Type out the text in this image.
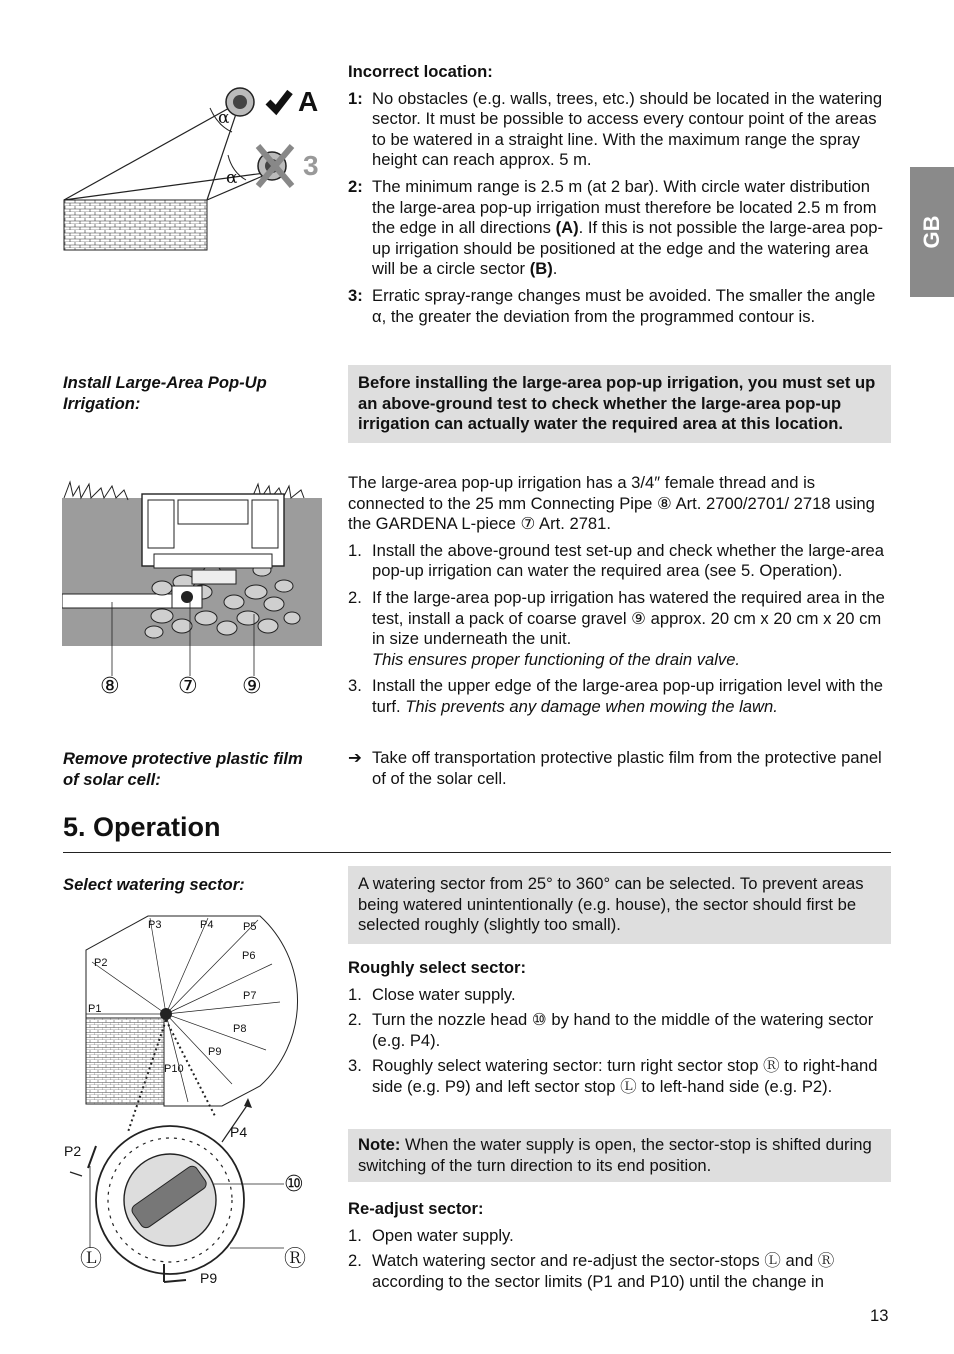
GB
α
α
A
3
Incorrect location:
1: No obstacles (e.g. walls, trees, etc.) should be located in the watering sector. It must be possible to access every contour point of the areas to be watered in a straight line. With the maximum range the spray height can reach approx. 5 m.
2: The minimum range is 2.5 m (at 2 bar). With circle water distribution the large-area pop-up irrigation must therefore be located 2.5 m from the edge in all directions (A). If this is not possible the large-area pop-up irrigation should be positioned at the edge and the watering area will be a circle sector (B).
3: Erratic spray-range changes must be avoided. The smaller the angle α, the greater the deviation from the programmed contour is.
Install Large-Area Pop-Up Irrigation:
Before installing the large-area pop-up irrigation, you must set up an above-ground test to check whether the large-area pop-up irrigation can actually water the required area at this location.
⑧	⑦ ⑨
The large-area pop-up irrigation has a 3/4″ female thread and is connected to the 25 mm Connecting Pipe ⑧ Art. 2700/2701/ 2718 using the GARDENA L-piece ⑦ Art. 2781.
1. Install the above-ground test set-up and check whether the large-area pop-up irrigation can water the required area (see 5. Operation).
2. If the large-area pop-up irrigation has watered the required area in the test, install a pack of coarse gravel ⑨ approx. 20 cm x 20 cm x 20 cm in size underneath the unit.
This ensures proper functioning of the drain valve.
3. Install the upper edge of the large-area pop-up irrigation level with the turf. This prevents any damage when mowing the lawn.
Remove protective plastic film of solar cell:
➔ Take off transportation protective plastic film from the protective panel of of the solar cell.
5. Operation
Select watering sector:
P2
P1
P3	P4	P5
P6
P7
P8
P9
P10
P2
P4
P9
⑩
Ⓛ	Ⓡ
A watering sector from 25° to 360° can be selected. To prevent areas being watered unintentionally (e.g. house), the sector should first be selected roughly (slightly too small).
Roughly select sector:
1. Close water supply.
2. Turn the nozzle head ⑩ by hand to the middle of the watering sector (e.g. P4).
3. Roughly select watering sector: turn right sector stop Ⓡ to right-hand side (e.g. P9) and left sector stop Ⓛ to left-hand side (e.g. P2).
Note: When the water supply is open, the sector-stop is shifted during switching of the turn direction to its end position.
Re-adjust sector:
1. Open water supply.
2. Watch watering sector and re-adjust the sector-stops Ⓛ and Ⓡ according to the sector limits (P1 and P10) until the change in
13
